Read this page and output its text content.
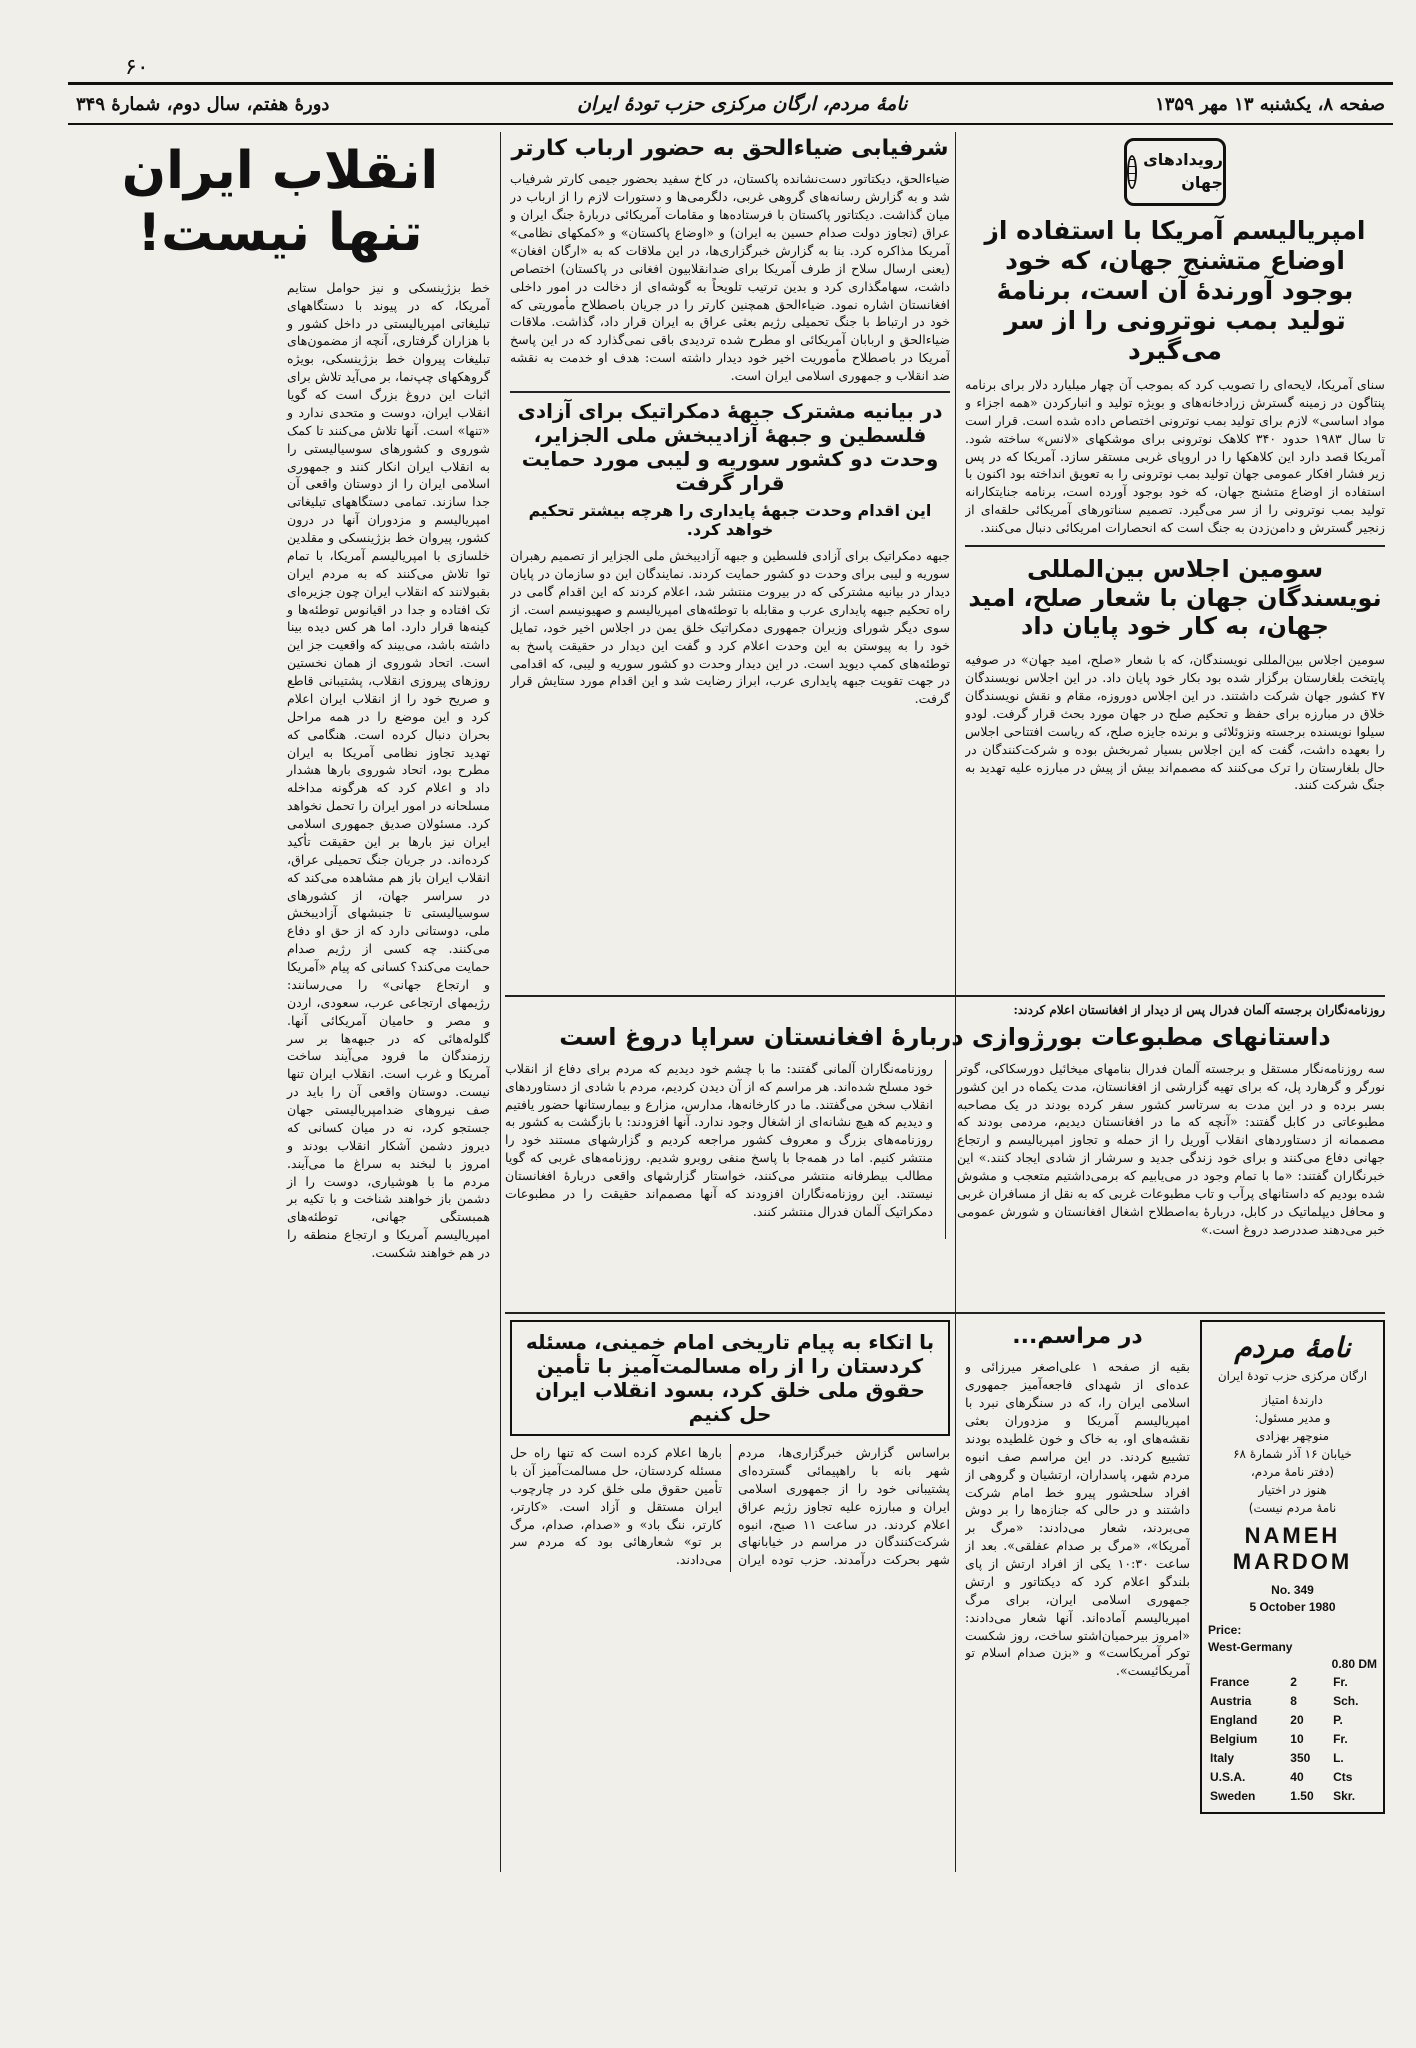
۶۰
صفحه ۸، یکشنبه ۱۳ مهر ۱۳۵۹
نامۀ مردم، ارگان مرکزی حزب تودۀ ایران
دورۀ هفتم، سال دوم، شمارۀ ۳۴۹
رویدادهای جهان
امپریالیسم آمریکا با استفاده از اوضاع متشنج جهان، که خود بوجود آورندۀ آن است، برنامۀ تولید بمب نوترونی را از سر می‌گیرد

سنای آمریکا، لایحه‌ای را تصویب کرد که بموجب آن چهار میلیارد دلار برای برنامه پنتاگون در زمینه گسترش زرادخانه‌های و بویژه تولید و انبارکردن «همه اجزاء و مواد اساسی» لازم برای تولید بمب نوترونی اختصاص داده شده است. قرار است تا سال ۱۹۸۳ حدود ۳۴۰ کلاهک نوترونی برای موشکهای «لانس» ساخته شود. آمریکا قصد دارد این کلاهکها را در اروپای غربی مستقر سازد. آمریکا که در پس زیر فشار افکار عمومی جهان تولید بمب نوترونی را به تعویق انداخته بود اکنون با استفاده از اوضاع متشنج جهان، که خود بوجود آورده است، برنامه جنایتکارانه تولید بمب نوترونی را از سر می‌گیرد. تصمیم سناتورهای آمریکائی حلقه‌ای از زنجیر گسترش و دامن‌زدن به جنگ است که انحصارات امریکائی دنبال می‌کنند.

سومین اجلاس بین‌المللی نویسندگان جهان با شعار صلح، امید جهان، به کار خود پایان داد

سومین اجلاس بین‌المللی نویسندگان، که با شعار «صلح، امید جهان» در صوفیه پایتخت بلغارستان برگزار شده بود بکار خود پایان داد. در این اجلاس نویسندگان ۴۷ کشور جهان شرکت داشتند. در این اجلاس دوروزه، مقام و نقش نویسندگان خلاق در مبارزه برای حفظ و تحکیم صلح در جهان مورد بحث قرار گرفت. لودو سیلوا نویسنده برجسته ونزوئلائی و برنده جایزه صلح، که ریاست افتتاحی اجلاس را بعهده داشت، گفت که این اجلاس بسیار ثمربخش بوده و شرکت‌کنندگان در حال بلغارستان را ترک می‌کنند که مصمم‌اند بیش از پیش در مبارزه علیه تهدید به جنگ شرکت کنند.

روزنامه‌نگاران برجسته آلمان فدرال پس از دیدار از افغانستان اعلام کردند:
داستانهای مطبوعات بورژوازی دربارۀ افغانستان سراپا دروغ است

سه روزنامه‌نگار مستقل و برجسته آلمان فدرال بنامهای میخائیل دورسکاکی، گوتر نورگر و گرهارد پل، که برای تهیه گزارشی از افغانستان، مدت یکماه در این کشور بسر برده و در این مدت به سرتاسر کشور سفر کرده بودند در یک مصاحبه مطبوعاتی در کابل گفتند: «آنچه که ما در افغانستان دیدیم، مردمی بودند که مصممانه از دستاوردهای انقلاب آوریل را از حمله و تجاوز امپریالیسم و ارتجاع جهانی دفاع می‌کنند و برای خود زندگی جدید و سرشار از شادی ایجاد کنند.» این خبرنگاران گفتند: «ما با تمام وجود در می‌یابیم که برمی‌داشتیم متعجب و مشوش شده بودیم که داستانهای پرآب و تاب مطبوعات غربی که به نقل از مسافران غربی و محافل دیپلماتیک در کابل، دربارهٔ به‌اصطلاح اشغال افغانستان و شورش عمومی خبر می‌دهند صددرصد دروغ است.»

روزنامه‌نگاران آلمانی گفتند: ما با چشم خود دیدیم که مردم برای دفاع از انقلاب خود مسلح شده‌اند. هر مراسم که از آن دیدن کردیم، مردم با شادی از دستاوردهای انقلاب سخن می‌گفتند. ما در کارخانه‌ها، مدارس، مزارع و بیمارستانها حضور یافتیم و دیدیم که هیچ نشانه‌ای از اشغال وجود ندارد. آنها افزودند: با بازگشت به کشور به روزنامه‌های بزرگ و معروف کشور مراجعه کردیم و گزارشهای مستند خود را منتشر کنیم. اما در همه‌جا با پاسخ منفی روبرو شدیم. روزنامه‌های غربی که گویا مطالب بیطرفانه منتشر می‌کنند، خواستار گزارشهای واقعی دربارۀ افغانستان نیستند. این روزنامه‌نگاران افزودند که آنها مصمم‌اند حقیقت را در مطبوعات دمکراتیک آلمان فدرال منتشر کنند.

شرفیابی ضیاءالحق به حضور ارباب کارتر

ضیاءالحق، دیکتاتور دست‌نشانده پاکستان، در کاخ سفید بحضور جیمی کارتر شرفیاب شد و به گزارش رسانه‌های گروهی غربی، دلگرمی‌ها و دستورات لازم را از ارباب در میان گذاشت. دیکتاتور پاکستان با فرستاده‌ها و مقامات آمریکائی دربارهٔ جنگ ایران و عراق (تجاوز دولت صدام حسین به ایران) و «اوضاع پاکستان» و «کمکهای نظامی» آمریکا مذاکره کرد. بنا به گزارش خبرگزاری‌ها، در این ملاقات که به «ارگان افغان» (یعنی ارسال سلاح از طرف آمریکا برای ضدانقلابیون افغانی در پاکستان) اختصاص داشت، سهامگذاری کرد و بدین ترتیب تلویحاً به گوشه‌ای از دخالت در امور داخلی افغانستان اشاره نمود. ضیاءالحق همچنین کارتر را در جریان باصطلاح مأموریتی که خود در ارتباط با جنگ تحمیلی رژیم بعثی عراق به ایران قرار داد، گذاشت. ملاقات ضیاءالحق و اربابان آمریکائی او مطرح شده تردیدی باقی نمی‌گذارد که در این پاسخ آمریکا در باصطلاح مأموریت اخیر خود دیدار داشته است: هدف او خدمت به نقشه ضد انقلاب و جمهوری اسلامی ایران است.

در بیانیه مشترک جبهۀ دمکراتیک برای آزادی فلسطین و جبهۀ آزادیبخش ملی الجزایر، وحدت دو کشور سوریه و لیبی مورد حمایت قرار گرفت
این اقدام وحدت جبهۀ پایداری را هرچه بیشتر تحکیم خواهد کرد.

جبهه دمکراتیک برای آزادی فلسطین و جبهه آزادیبخش ملی الجزایر از تصمیم رهبران سوریه و لیبی برای وحدت دو کشور حمایت کردند. نمایندگان این دو سازمان در پایان دیدار در بیانیه مشترکی که در بیروت منتشر شد، اعلام کردند که این اقدام گامی در راه تحکیم جبهه پایداری عرب و مقابله با توطئه‌های امپریالیسم و صهیونیسم است. از سوی دیگر شورای وزیران جمهوری دمکراتیک خلق یمن در اجلاس اخیر خود، تمایل خود را به پیوستن به این وحدت اعلام کرد و گفت این دیدار در حقیقت پاسخ به توطئه‌های کمپ دیوید است. در این دیدار وحدت دو کشور سوریه و لیبی، که اقدامی در جهت تقویت جبهه پایداری عرب، ابراز رضایت شد و این اقدام مورد ستایش قرار گرفت.

با اتکاء به پیام تاریخی امام خمینی، مسئله کردستان را از راه مسالمت‌آمیز با تأمین حقوق ملی خلق کرد، بسود انقلاب ایران حل کنیم

براساس گزارش خبرگزاری‌ها، مردم شهر بانه با راهپیمائی گسترده‌ای پشتیبانی خود را از جمهوری اسلامی ایران و مبارزه علیه تجاوز رژیم عراق اعلام کردند. در ساعت ۱۱ صبح، انبوه شرکت‌کنندگان در مراسم در خیابانهای شهر بحرکت درآمدند. حزب توده ایران بارها اعلام کرده است که تنها راه حل مسئله کردستان، حل مسالمت‌آمیز آن با تأمین حقوق ملی خلق کرد در چارچوب ایران مستقل و آزاد است. «کارتر، کارتر، ننگ باد» و «صدام، صدام، مرگ بر تو» شعارهائی بود که مردم سر می‌دادند.

نامۀ مردم
ارگان مرکزی حزب تودۀ ایران
دارندۀ امتیاز
و مدیر مسئول:
منوچهر بهزادی
خیابان ۱۶ آذر شمارۀ ۶۸
(دفتر نامۀ مردم،
هنوز در اختیار
نامۀ مردم نیست)
NAMEH
MARDOM
No. 349
5 October 1980
Price:
West-Germany
0.80 DM
France	2	Fr.
Austria	8	Sch.
England	20	P.
Belgium	10	Fr.
Italy	350	L.
U.S.A.	40	Cts
Sweden	1.50	Skr.
در مراسم...

بقیه از صفحه ۱ علی‌اصغر میرزائی و عده‌ای از شهدای فاجعه‌آمیز جمهوری اسلامی ایران را، که در سنگرهای نبرد با امپریالیسم آمریکا و مزدوران بعثی نقشه‌های او، به خاک و خون غلطیده بودند تشییع کردند. در این مراسم صف انبوه مردم شهر، پاسداران، ارتشیان و گروهی از افراد سلحشور پیرو خط امام شرکت داشتند و در حالی که جنازه‌ها را بر دوش می‌بردند، شعار می‌دادند: «مرگ بر آمریکا»، «مرگ بر صدام عفلقی». بعد از ساعت ۱۰:۳۰ یکی از افراد ارتش از پای بلندگو اعلام کرد که دیکتاتور و ارتش جمهوری اسلامی ایران، برای مرگ امپریالیسم آماده‌اند. آنها شعار می‌دادند: «امروز بیرحمیان‌اشتو ساخت، روز شکست توکر آمریکاست» و «بزن صدام اسلام تو آمریکائیست».

انقلاب ایران
تنها نیست!

خط بزژینسکی و نیز حوامل ستایم آمریکا، که در پیوند با دستگاههای تبلیغاتی امپریالیستی در داخل کشور و با هزاران گرفتاری، آنچه از مضمون‌های تبلیغات پیروان خط بزژینسکی، بویژه گروهکهای چپ‌نما، بر می‌آید تلاش برای اثبات این دروغ بزرگ است که گویا انقلاب ایران، دوست و متحدی ندارد و «تنها» است. آنها تلاش می‌کنند تا کمک شوروی و کشورهای سوسیالیستی را به انقلاب ایران انکار کنند و جمهوری اسلامی ایران را از دوستان واقعی آن جدا سازند. تمامی دستگاههای تبلیغاتی امپریالیسم و مزدوران آنها در درون کشور، پیروان خط بزژینسکی و مقلدین خلسازی با امپریالیسم آمریکا، با تمام توا تلاش می‌کنند که به مردم ایران بقبولانند که انقلاب ایران چون جزیره‌ای تک افتاده و جدا در اقیانوس توطئه‌ها و کینه‌ها قرار دارد. اما هر کس دیده بینا داشته باشد، می‌بیند که واقعیت جز این است. اتحاد شوروی از همان نخستین روزهای پیروزی انقلاب، پشتیبانی قاطع و صریح خود را از انقلاب ایران اعلام کرد و این موضع را در همه مراحل بحران دنبال کرده است. هنگامی که تهدید تجاوز نظامی آمریکا به ایران مطرح بود، اتحاد شوروی بارها هشدار داد و اعلام کرد که هرگونه مداخله مسلحانه در امور ایران را تحمل نخواهد کرد. مسئولان صدیق جمهوری اسلامی ایران نیز بارها بر این حقیقت تأکید کرده‌اند. در جریان جنگ تحمیلی عراق، انقلاب ایران باز هم مشاهده می‌کند که در سراسر جهان، از کشورهای سوسیالیستی تا جنبشهای آزادیبخش ملی، دوستانی دارد که از حق او دفاع می‌کنند. چه کسی از رژیم صدام حمایت می‌کند؟ کسانی که پیام «آمریکا و ارتجاع جهانی» را می‌رسانند: رژیمهای ارتجاعی عرب، سعودی، اردن و مصر و حامیان آمریکائی آنها. گلوله‌هائی که در جبهه‌ها بر سر رزمندگان ما فرود می‌آیند ساخت آمریکا و غرب است. انقلاب ایران تنها نیست. دوستان واقعی آن را باید در صف نیروهای ضدامپریالیستی جهان جستجو کرد، نه در میان کسانی که دیروز دشمن آشکار انقلاب بودند و امروز با لبخند به سراغ ما می‌آیند. مردم ما با هوشیاری، دوست را از دشمن باز خواهند شناخت و با تکیه بر همبستگی جهانی، توطئه‌های امپریالیسم آمریکا و ارتجاع منطقه را در هم خواهند شکست.
